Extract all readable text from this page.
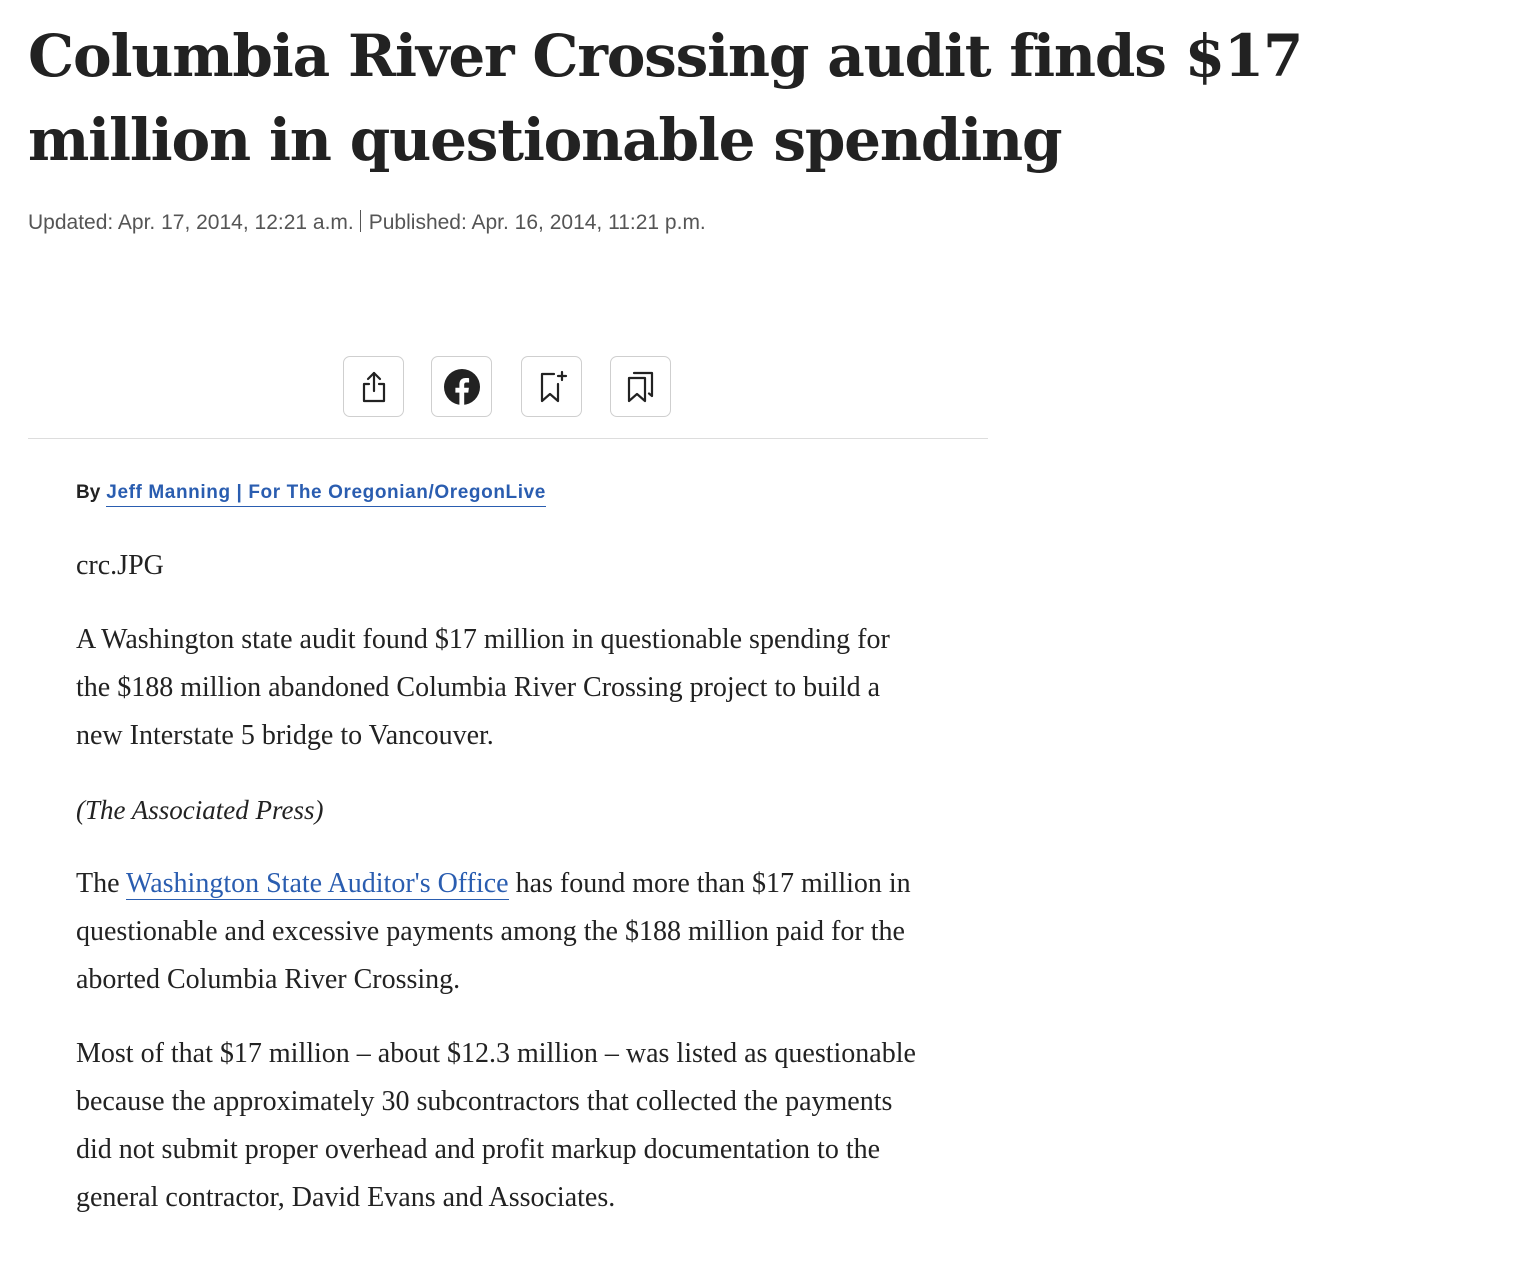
Columbia River Crossing audit finds $17 million in questionable spending
Updated: Apr. 17, 2014, 12:21 a.m. Published: Apr. 16, 2014, 11:21 p.m.
By Jeff Manning | For The Oregonian/OregonLive

crc.JPG

A Washington state audit found $17 million in questionable spending for the $188 million abandoned Columbia River Crossing project to build a new Interstate 5 bridge to Vancouver.

(The Associated Press)

The Washington State Auditor's Office has found more than $17 million in questionable and excessive payments among the $188 million paid for the aborted Columbia River Crossing.

Most of that $17 million – about $12.3 million – was listed as questionable because the approximately 30 subcontractors that collected the payments did not submit proper overhead and profit markup documentation to the general contractor, David Evans and Associates.
